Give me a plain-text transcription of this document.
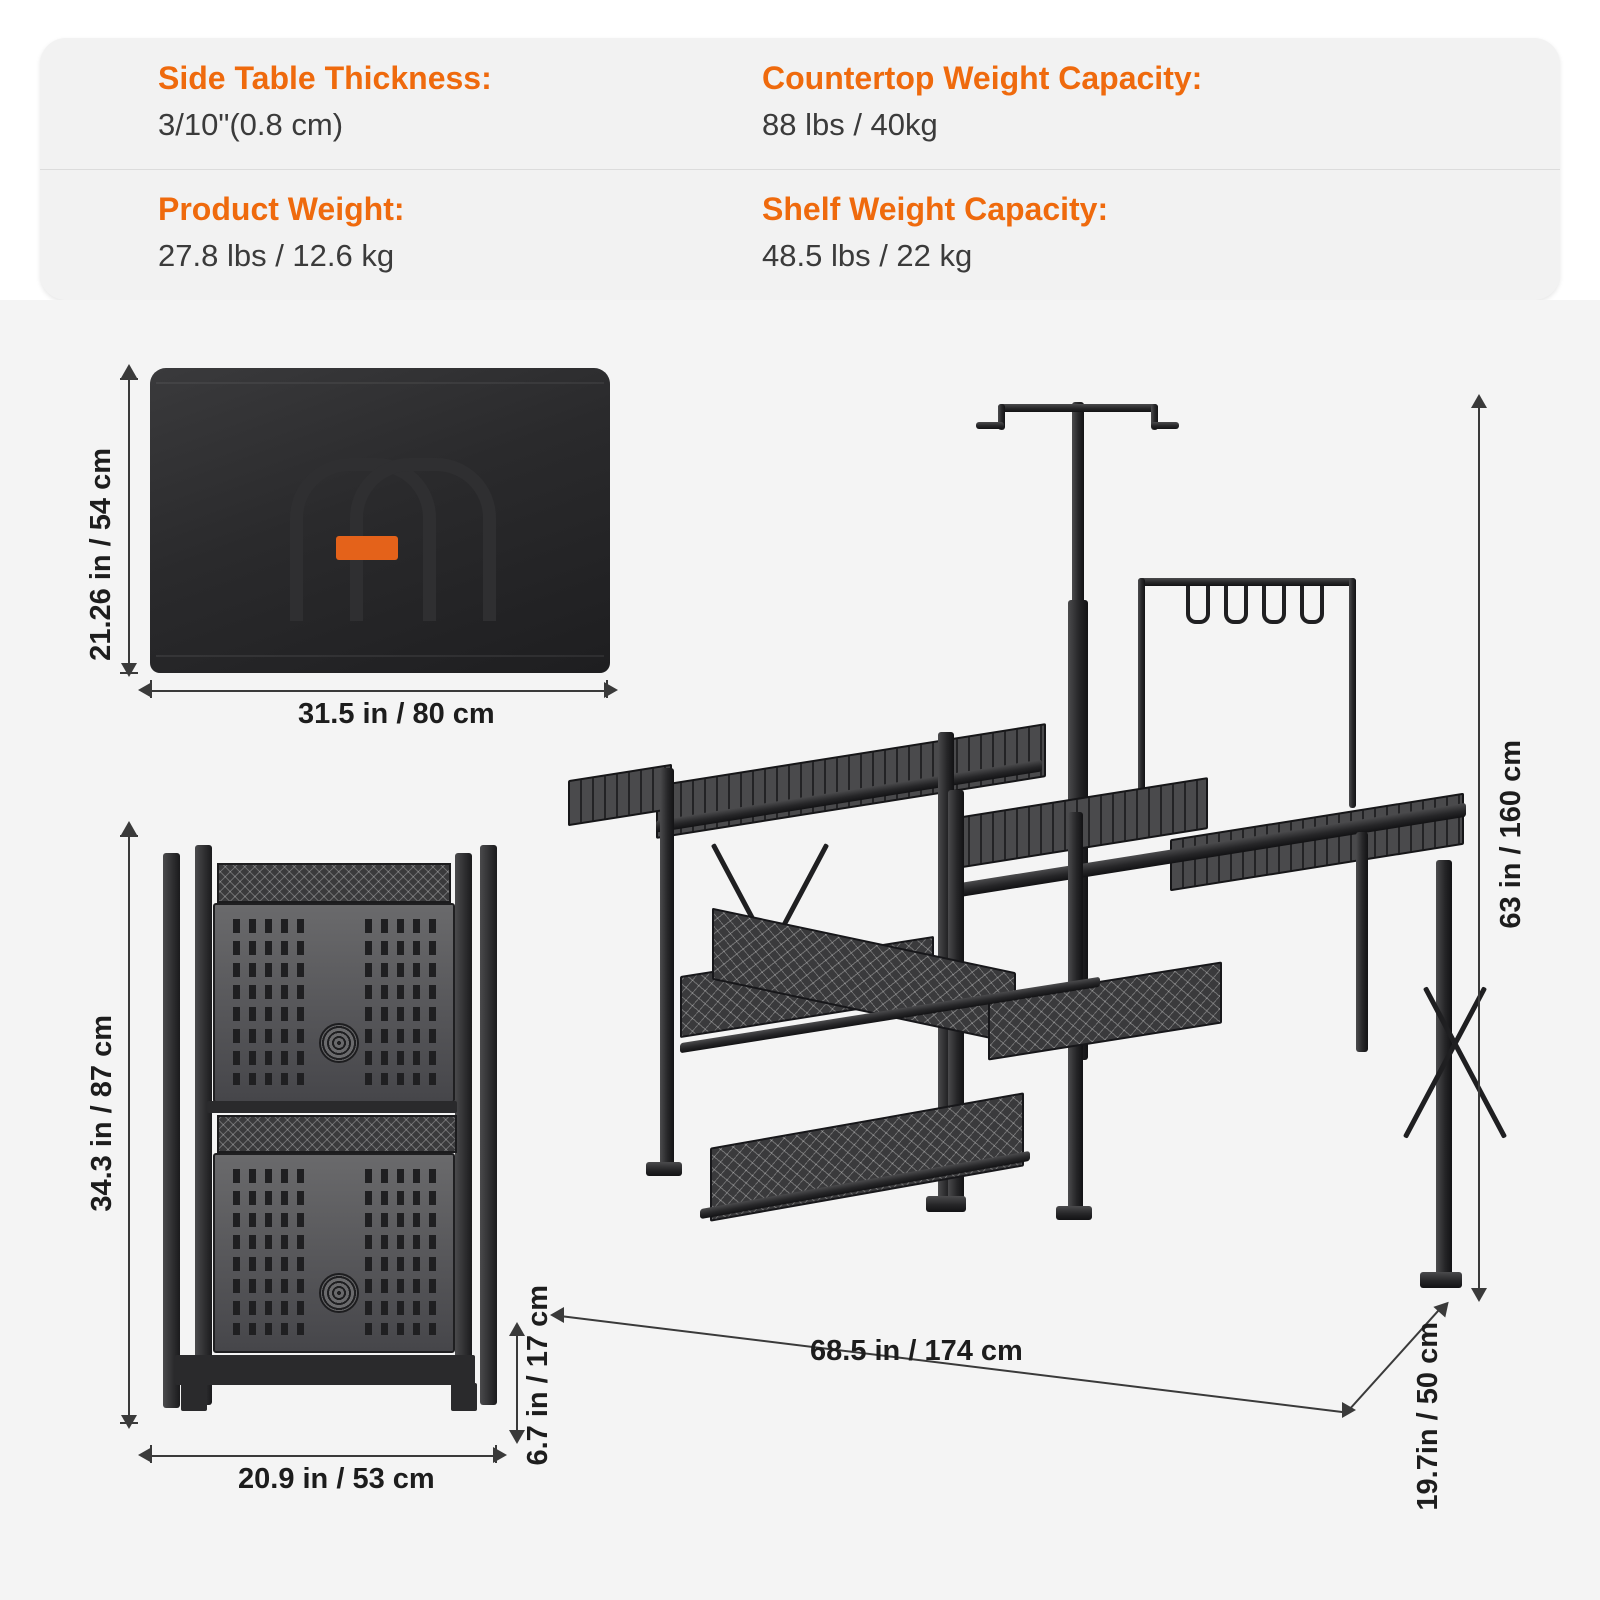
Side Table Thickness:
3/10"(0.8 cm)
Countertop Weight Capacity:
88 lbs / 40kg
Product Weight:
27.8 lbs / 12.6 kg
Shelf Weight Capacity:
48.5 lbs / 22 kg
21.26 in / 54 cm
31.5 in / 80 cm
34.3 in / 87 cm
20.9 in / 53 cm
6.7 in / 17 cm
63 in / 160 cm
68.5 in / 174 cm	19.7in / 50 cm
